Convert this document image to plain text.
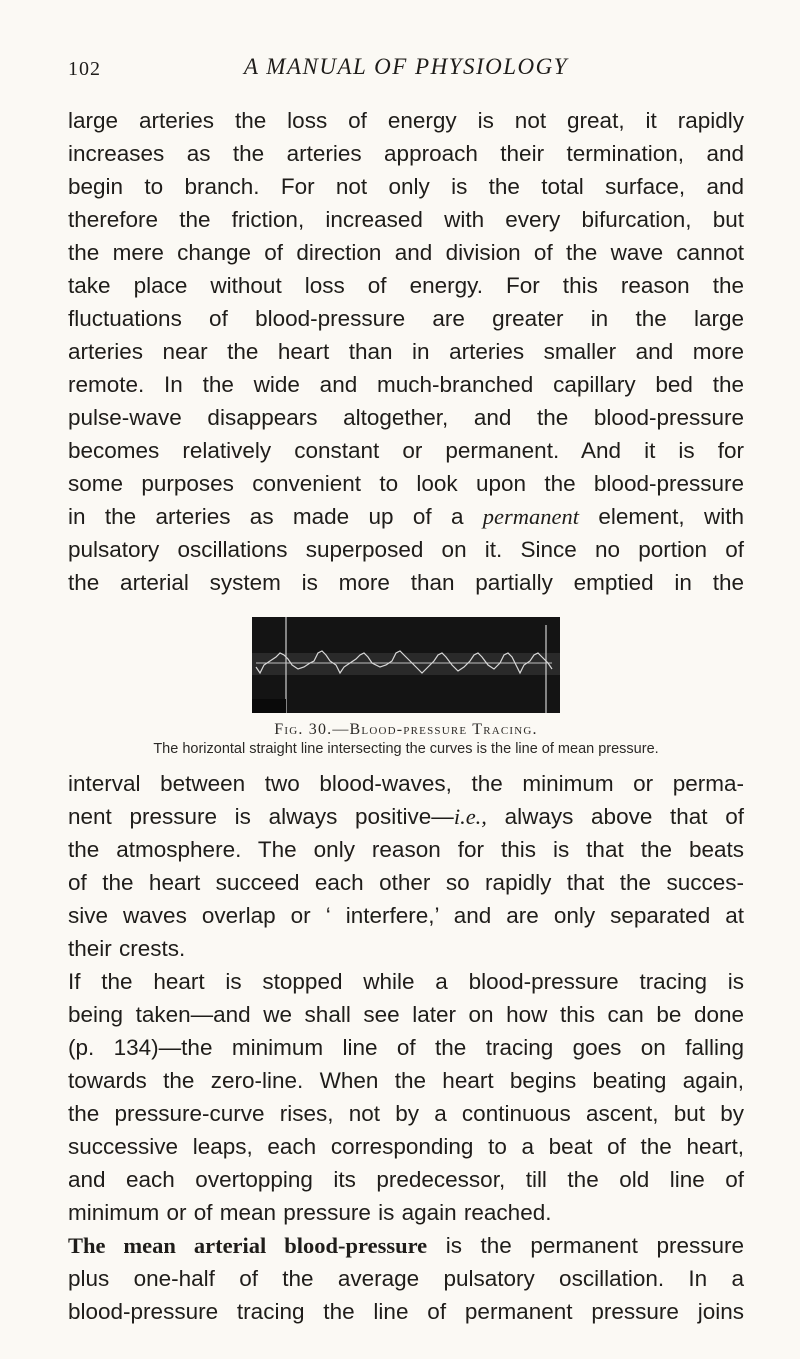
102	A MANUAL OF PHYSIOLOGY

large arteries the loss of energy is not great, it rapidly
increases as the arteries approach their termination, and
begin to branch. For not only is the total surface, and
therefore the friction, increased with every bifurcation, but
the mere change of direction and division of the wave cannot
take place without loss of energy. For this reason the
fluctuations of blood-pressure are greater in the large
arteries near the heart than in arteries smaller and more
remote. In the wide and much-branched capillary bed the
pulse-wave disappears altogether, and the blood-pressure
becomes relatively constant or permanent. And it is for
some purposes convenient to look upon the blood-pressure
in the arteries as made up of a permanent element, with
pulsatory oscillations superposed on it. Since no portion of
the arterial system is more than partially emptied in the

Fig. 30.—Blood-pressure Tracing.
The horizontal straight line intersecting the curves is the line of mean pressure.

interval between two blood-waves, the minimum or perma-
nent pressure is always positive—i.e., always above that of
the atmosphere. The only reason for this is that the beats
of the heart succeed each other so rapidly that the succes-
sive waves overlap or ‘ interfere,’ and are only separated at
their crests.

If the heart is stopped while a blood-pressure tracing is
being taken—and we shall see later on how this can be done
(p. 134)—the minimum line of the tracing goes on falling
towards the zero-line. When the heart begins beating again,
the pressure-curve rises, not by a continuous ascent, but by
successive leaps, each corresponding to a beat of the heart,
and each overtopping its predecessor, till the old line of
minimum or of mean pressure is again reached.

The mean arterial blood-pressure is the permanent pressure
plus one-half of the average pulsatory oscillation. In a
blood-pressure tracing the line of permanent pressure joins
